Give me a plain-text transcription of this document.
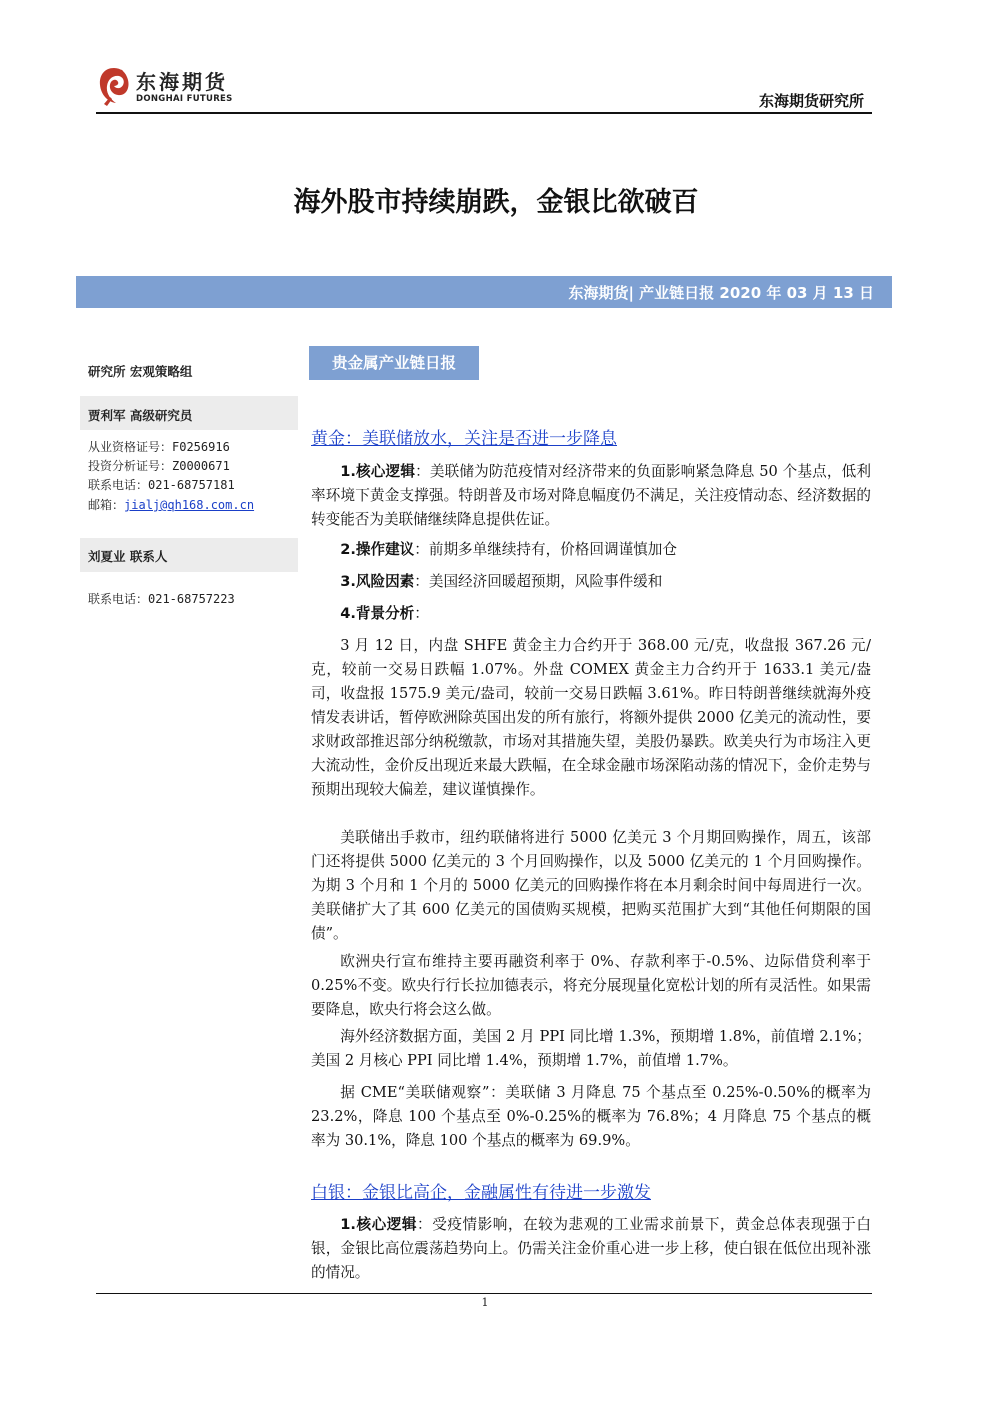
东海期货
DONGHAI FUTURES	东海期货研究所
海外股市持续崩跌，金银比欲破百
东海期货| 产业链日报 2020 年 03 月 13 日
研究所 宏观策略组
贾利军 高级研究员
从业资格证号：F0256916
投资分析证号：Z0000671
联系电话：021-68757181
邮箱：jialj@qh168.com.cn
刘夏业 联系人
联系电话：021-68757223
贵金属产业链日报
黄金：美联储放水，关注是否进一步降息
1.核心逻辑：美联储为防范疫情对经济带来的负面影响紧急降息 50 个基点，低利率环境下黄金支撑强。特朗普及市场对降息幅度仍不满足，关注疫情动态、经济数据的转变能否为美联储继续降息提供佐证。
2.操作建议：前期多单继续持有，价格回调谨慎加仓
3.风险因素：美国经济回暖超预期，风险事件缓和
4.背景分析：
3 月 12 日，内盘 SHFE 黄金主力合约开于 368.00 元/克，收盘报 367.26 元/克，较前一交易日跌幅 1.07%。外盘 COMEX 黄金主力合约开于 1633.1 美元/盎司，收盘报 1575.9 美元/盎司，较前一交易日跌幅 3.61%。昨日特朗普继续就海外疫情发表讲话，暂停欧洲除英国出发的所有旅行，将额外提供 2000 亿美元的流动性，要求财政部推迟部分纳税缴款，市场对其措施失望，美股仍暴跌。欧美央行为市场注入更大流动性，金价反出现近来最大跌幅，在全球金融市场深陷动荡的情况下，金价走势与预期出现较大偏差，建议谨慎操作。
美联储出手救市，纽约联储将进行 5000 亿美元 3 个月期回购操作，周五，该部门还将提供 5000 亿美元的 3 个月回购操作，以及 5000 亿美元的 1 个月回购操作。为期 3 个月和 1 个月的 5000 亿美元的回购操作将在本月剩余时间中每周进行一次。美联储扩大了其 600 亿美元的国债购买规模，把购买范围扩大到“其他任何期限的国债”。
欧洲央行宣布维持主要再融资利率于 0%、存款利率于-0.5%、边际借贷利率于 0.25%不变。欧央行行长拉加德表示，将充分展现量化宽松计划的所有灵活性。如果需要降息，欧央行将会这么做。
海外经济数据方面，美国 2 月 PPI 同比增 1.3%，预期增 1.8%，前值增 2.1%；美国 2 月核心 PPI 同比增 1.4%，预期增 1.7%，前值增 1.7%。
据 CME“美联储观察”：美联储 3 月降息 75 个基点至 0.25%-0.50%的概率为 23.2%，降息 100 个基点至 0%-0.25%的概率为 76.8%；4 月降息 75 个基点的概率为 30.1%，降息 100 个基点的概率为 69.9%。
白银：金银比高企，金融属性有待进一步激发
1.核心逻辑：受疫情影响，在较为悲观的工业需求前景下，黄金总体表现强于白银，金银比高位震荡趋势向上。仍需关注金价重心进一步上移，使白银在低位出现补涨的情况。
1
